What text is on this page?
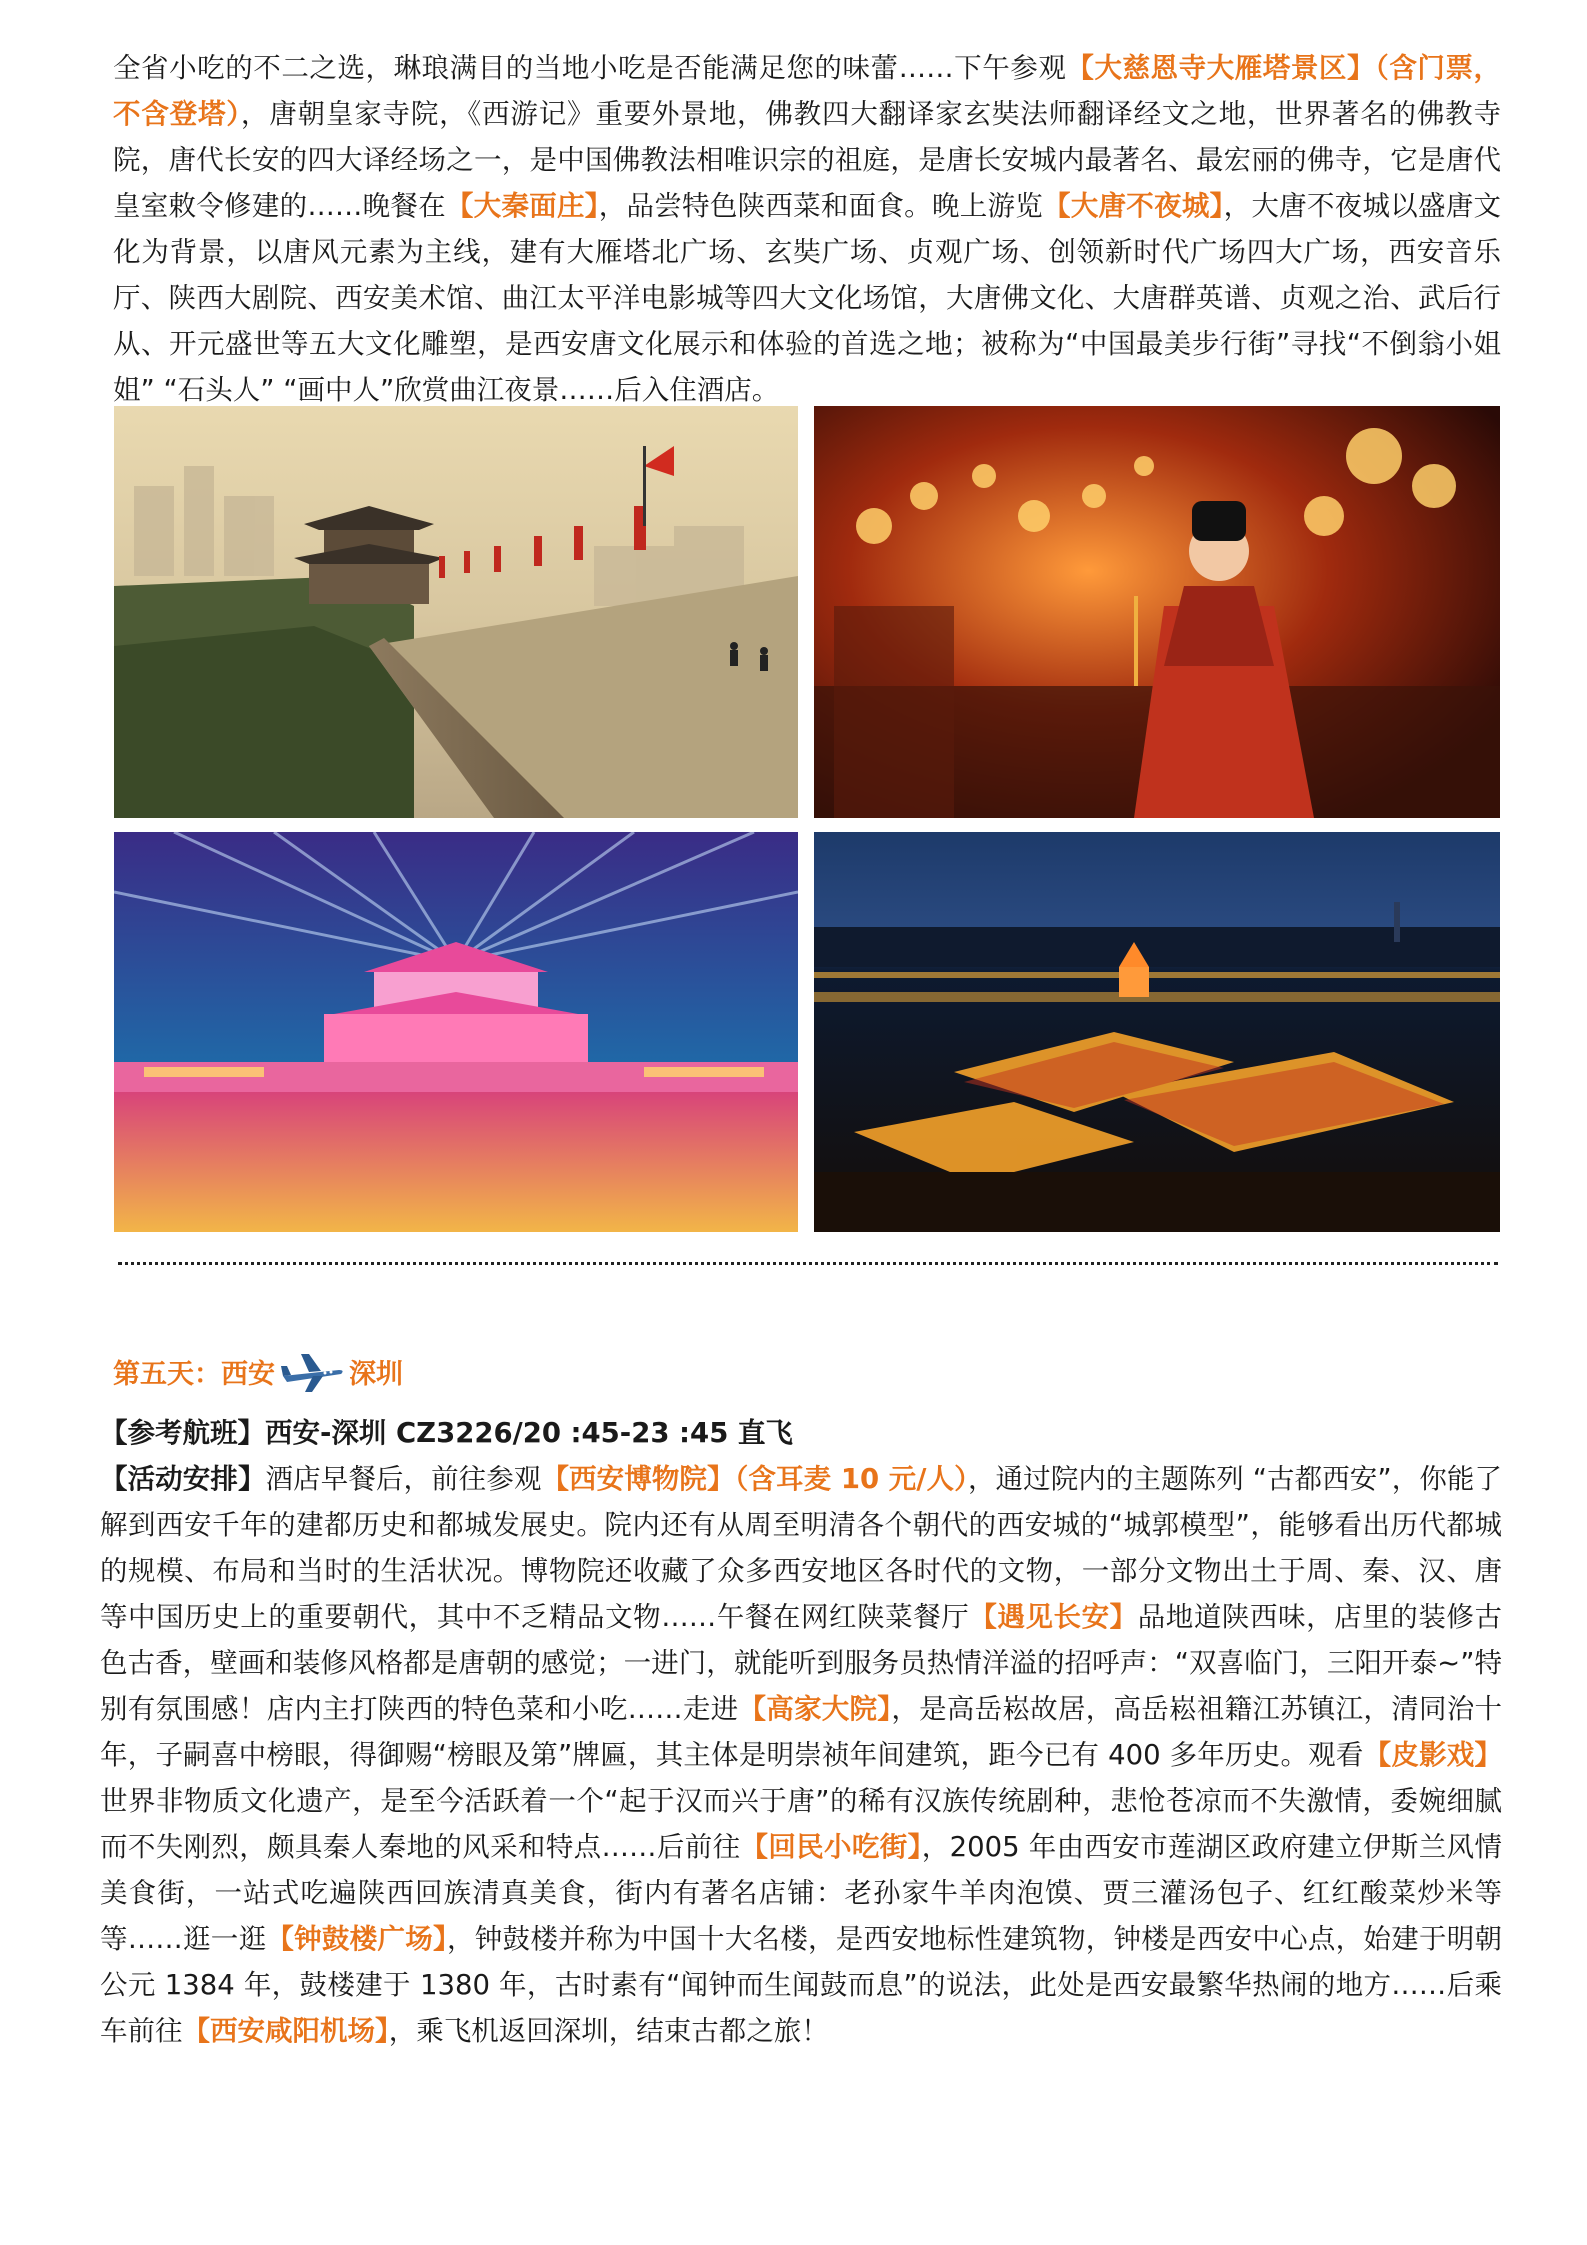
全省小吃的不二之选，琳琅满目的当地小吃是否能满足您的味蕾……下午参观【大慈恩寺大雁塔景区】（含门票，不含登塔），唐朝皇家寺院，《西游记》重要外景地，佛教四大翻译家玄奘法师翻译经文之地，世界著名的佛教寺院，唐代长安的四大译经场之一，是中国佛教法相唯识宗的祖庭，是唐长安城内最著名、最宏丽的佛寺，它是唐代皇室敕令修建的……晚餐在【大秦面庄】，品尝特色陕西菜和面食。晚上游览【大唐不夜城】，大唐不夜城以盛唐文化为背景，以唐风元素为主线，建有大雁塔北广场、玄奘广场、贞观广场、创领新时代广场四大广场，西安音乐厅、陕西大剧院、西安美术馆、曲江太平洋电影城等四大文化场馆，大唐佛文化、大唐群英谱、贞观之治、武后行从、开元盛世等五大文化雕塑，是西安唐文化展示和体验的首选之地；被称为“中国最美步行街”寻找“不倒翁小姐姐” “石头人” “画中人”欣赏曲江夜景……后入住酒店。

第五天：西安	深圳

【参考航班】西安-深圳 CZ3226/20 :45-23 :45 直飞

【活动安排】酒店早餐后，前往参观【西安博物院】（含耳麦 10 元/人），通过院内的主题陈列 “古都西安”，你能了解到西安千年的建都历史和都城发展史。院内还有从周至明清各个朝代的西安城的“城郭模型”，能够看出历代都城的规模、布局和当时的生活状况。博物院还收藏了众多西安地区各时代的文物，一部分文物出土于周、秦、汉、唐等中国历史上的重要朝代，其中不乏精品文物……午餐在网红陕菜餐厅【遇见长安】品地道陕西味，店里的装修古色古香，壁画和装修风格都是唐朝的感觉；一进门，就能听到服务员热情洋溢的招呼声：“双喜临门，三阳开泰~”特别有氛围感！店内主打陕西的特色菜和小吃……走进【高家大院】，是高岳崧故居，高岳崧祖籍江苏镇江，清同治十年，子嗣喜中榜眼，得御赐“榜眼及第”牌匾，其主体是明崇祯年间建筑，距今已有 400 多年历史。观看【皮影戏】世界非物质文化遗产，是至今活跃着一个“起于汉而兴于唐”的稀有汉族传统剧种，悲怆苍凉而不失激情，委婉细腻而不失刚烈，颇具秦人秦地的风采和特点……后前往【回民小吃街】，2005 年由西安市莲湖区政府建立伊斯兰风情美食街，一站式吃遍陕西回族清真美食，街内有著名店铺：老孙家牛羊肉泡馍、贾三灌汤包子、红红酸菜炒米等等……逛一逛【钟鼓楼广场】，钟鼓楼并称为中国十大名楼，是西安地标性建筑物，钟楼是西安中心点，始建于明朝公元 1384 年，鼓楼建于 1380 年，古时素有“闻钟而生闻鼓而息”的说法，此处是西安最繁华热闹的地方……后乘车前往【西安咸阳机场】，乘飞机返回深圳，结束古都之旅！
